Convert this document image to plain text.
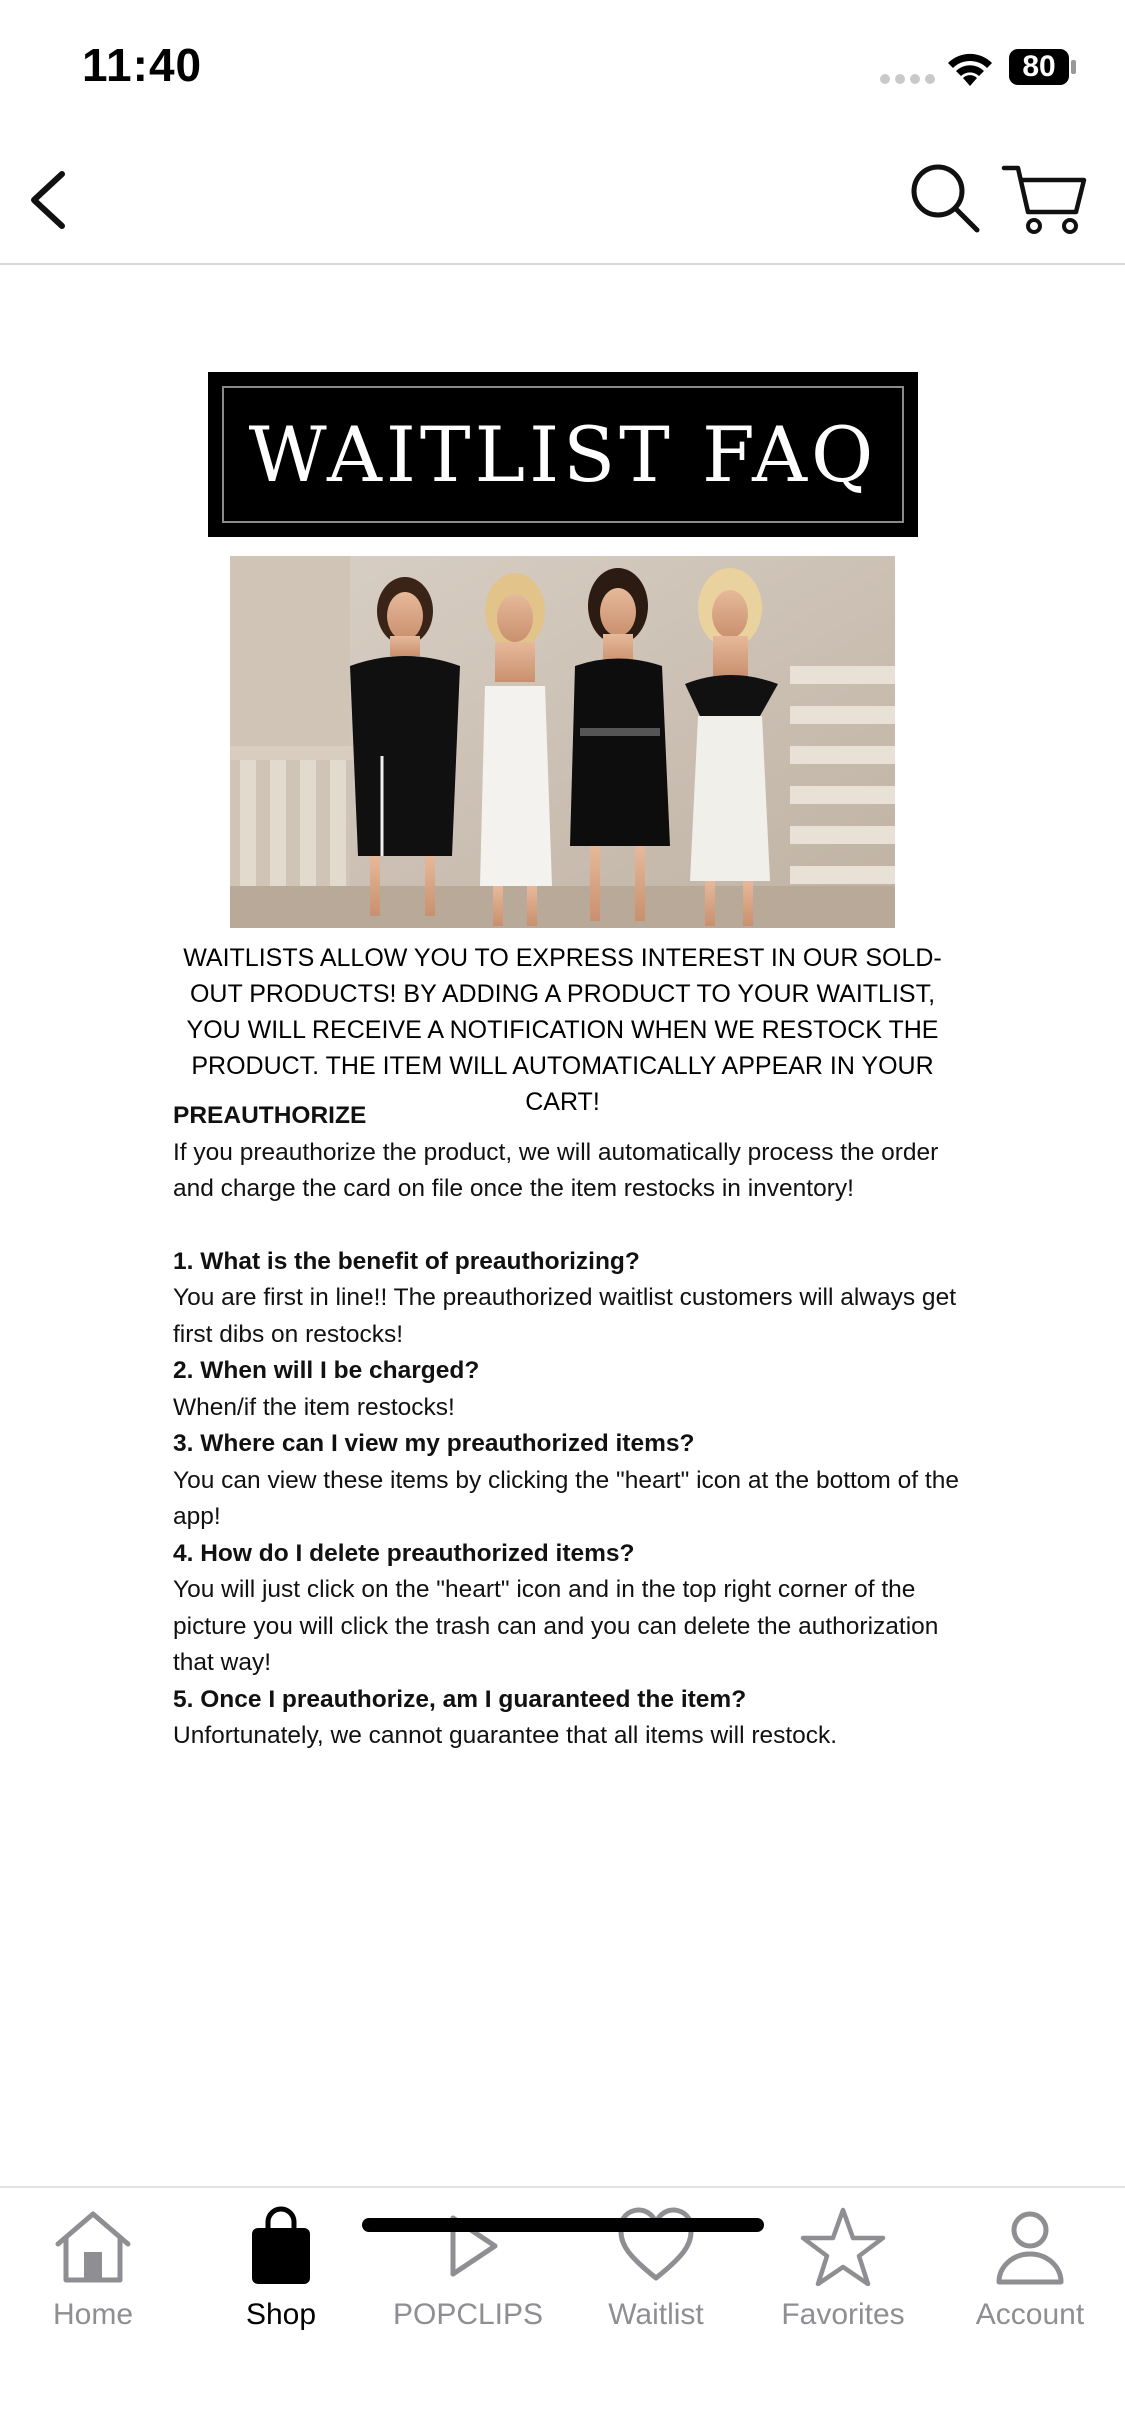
11:40	80
WAITLIST FAQ
WAITLISTS ALLOW YOU TO EXPRESS INTEREST IN OUR SOLD-OUT PRODUCTS! BY ADDING A PRODUCT TO YOUR WAITLIST, YOU WILL RECEIVE A NOTIFICATION WHEN WE RESTOCK THE PRODUCT. THE ITEM WILL AUTOMATICALLY APPEAR IN YOUR CART!
PREAUTHORIZE
If you preauthorize the product, we will automatically process the order and charge the card on file once the item restocks in inventory!
1. What is the benefit of preauthorizing?
You are first in line!! The preauthorized waitlist customers will always get first dibs on restocks!
2. When will I be charged?
When/if the item restocks!
3. Where can I view my preauthorized items?
You can view these items by clicking the "heart" icon at the bottom of the app!
4. How do I delete preauthorized items?
You will just click on the "heart" icon and in the top right corner of the picture you will click the trash can and you can delete the authorization that way!
5. Once I preauthorize, am I guaranteed the item?
Unfortunately, we cannot guarantee that all items will restock.
Home	Shop	POPCLIPS	Waitlist	Favorites	Account
